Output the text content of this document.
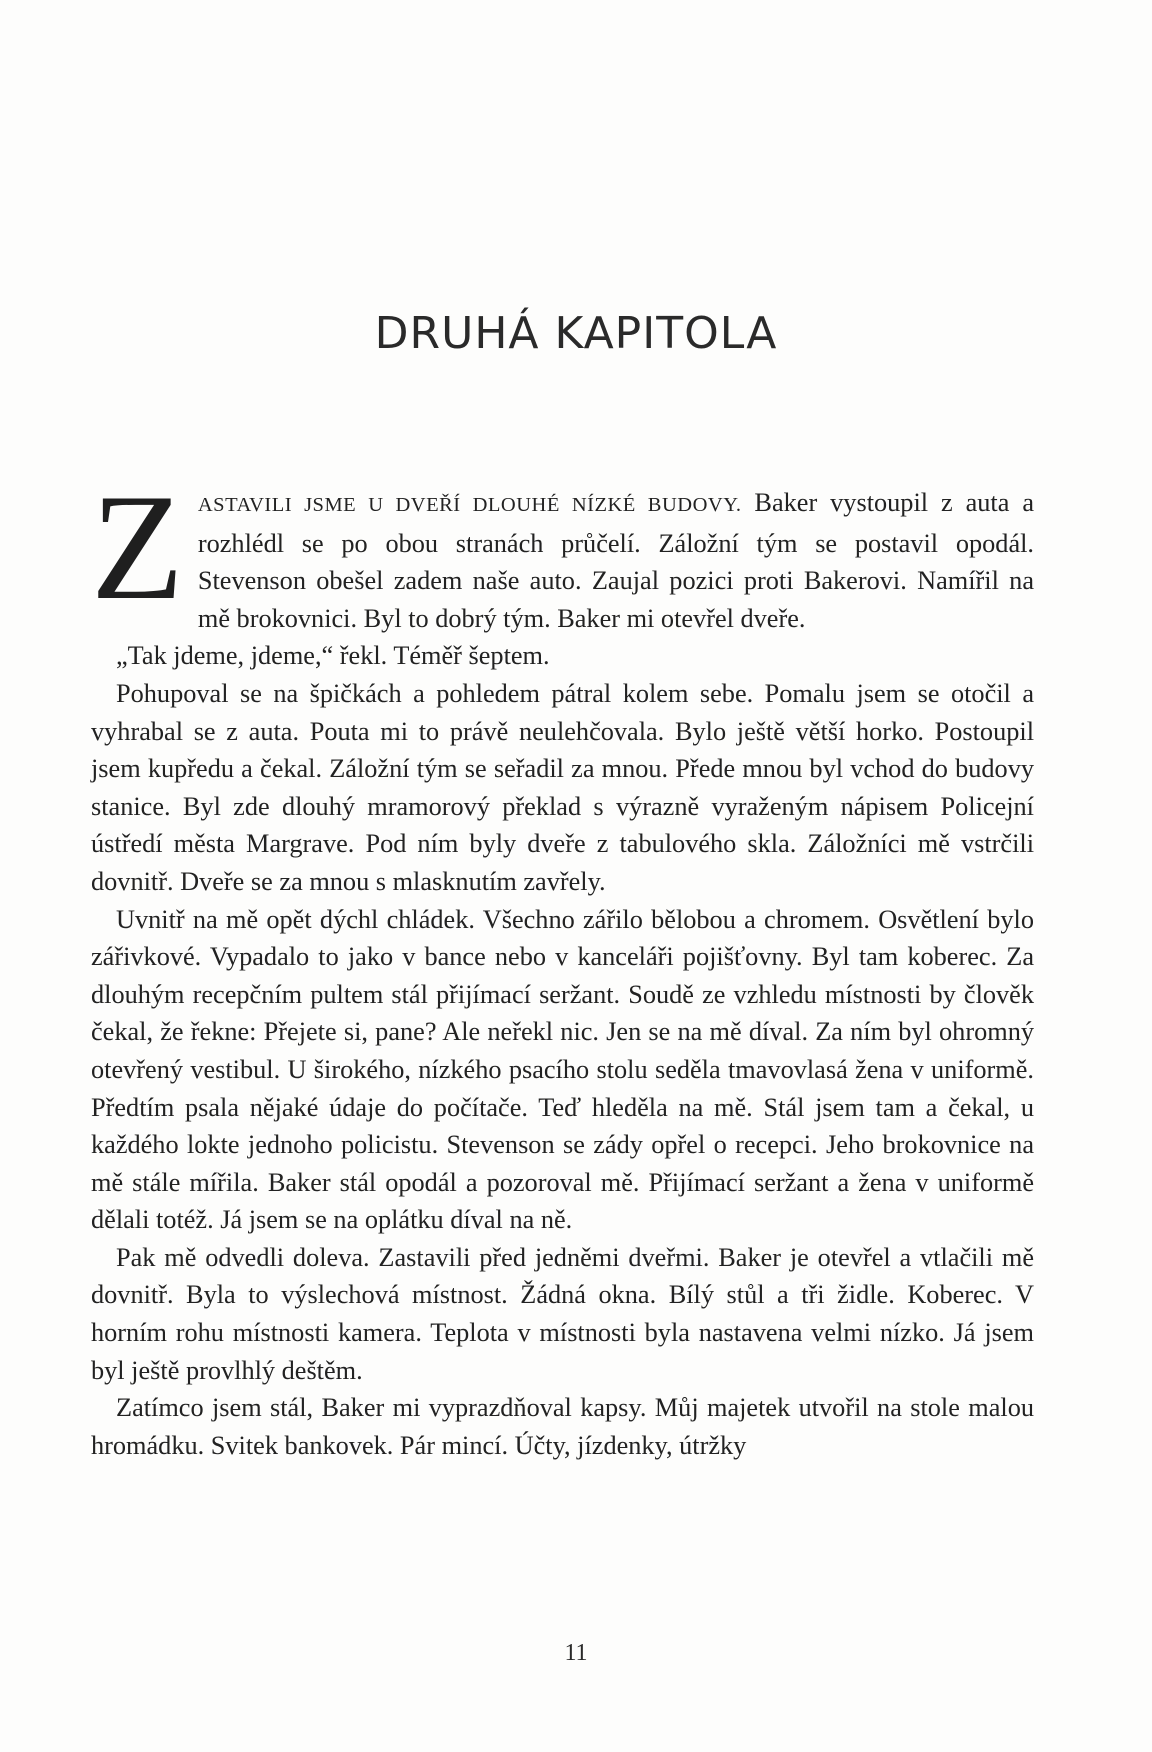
DRUHÁ KAPITOLA

ZASTAVILI JSME U DVEŘÍ DLOUHÉ NÍZKÉ BUDOVY. Baker vystoupil z auta a rozhlédl se po obou stranách průčelí. Záložní tým se postavil opodál. Stevenson obešel zadem naše auto. Zaujal pozici proti Bakerovi. Namířil na mě brokovnici. Byl to dobrý tým. Baker mi otevřel dveře.

„Tak jdeme, jdeme,“ řekl. Téměř šeptem.

Pohupoval se na špičkách a pohledem pátral kolem sebe. Pomalu jsem se otočil a vyhrabal se z auta. Pouta mi to právě neulehčovala. Bylo ještě větší horko. Postoupil jsem kupředu a čekal. Záložní tým se seřadil za mnou. Přede mnou byl vchod do budovy stanice. Byl zde dlouhý mramorový překlad s výrazně vyraženým nápisem Policejní ústředí města Margrave. Pod ním byly dveře z tabulového skla. Záložníci mě vstrčili dovnitř. Dveře se za mnou s mlasknutím zavřely.

Uvnitř na mě opět dýchl chládek. Všechno zářilo bělobou a chromem. Osvětlení bylo zářivkové. Vypadalo to jako v bance nebo v kanceláři pojišťovny. Byl tam koberec. Za dlouhým recepčním pultem stál přijímací seržant. Soudě ze vzhledu místnosti by člověk čekal, že řekne: Přejete si, pane? Ale neřekl nic. Jen se na mě díval. Za ním byl ohromný otevřený vestibul. U širokého, nízkého psacího stolu seděla tmavovlasá žena v uniformě. Předtím psala nějaké údaje do počítače. Teď hleděla na mě. Stál jsem tam a čekal, u každého lokte jednoho policistu. Stevenson se zády opřel o recepci. Jeho brokovnice na mě stále mířila. Baker stál opodál a pozoroval mě. Přijímací seržant a žena v uniformě dělali totéž. Já jsem se na oplátku díval na ně.

Pak mě odvedli doleva. Zastavili před jedněmi dveřmi. Baker je otevřel a vtlačili mě dovnitř. Byla to výslechová místnost. Žádná okna. Bílý stůl a tři židle. Koberec. V horním rohu místnosti kamera. Teplota v místnosti byla nastavena velmi nízko. Já jsem byl ještě provlhlý deštěm.

Zatímco jsem stál, Baker mi vyprazdňoval kapsy. Můj majetek utvořil na stole malou hromádku. Svitek bankovek. Pár mincí. Účty, jízdenky, útržky

11
